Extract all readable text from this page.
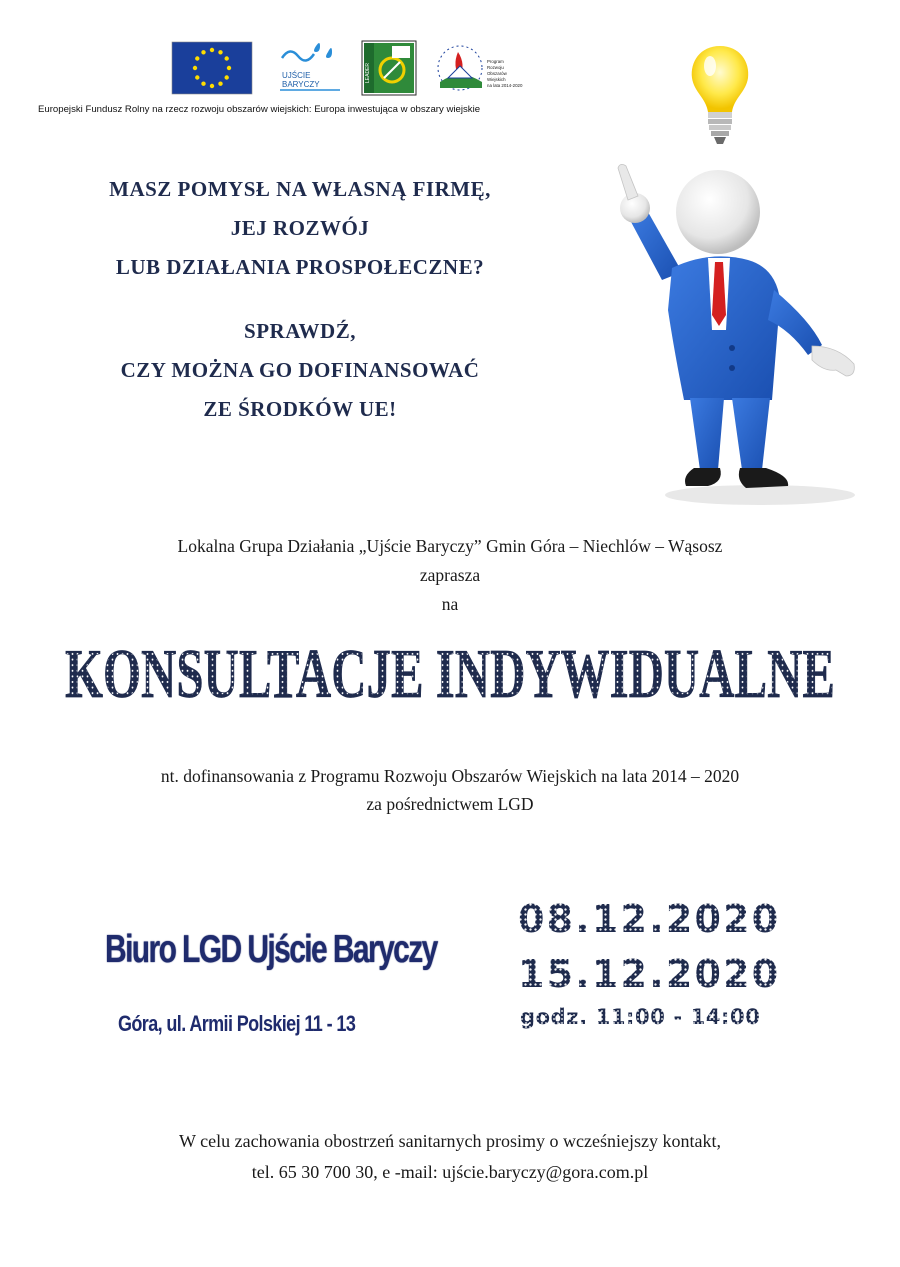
UJŚCIE
BARYCZY
LEADER
Program
Rozwoju
Obszarów
Wiejskich
na lata 2014-2020
Europejski Fundusz Rolny na rzecz rozwoju obszarów wiejskich: Europa inwestująca w obszary wiejskie
MASZ POMYSŁ NA WŁASNĄ FIRMĘ,
JEJ ROZWÓJ
LUB DZIAŁANIA PROSPOŁECZNE?
SPRAWDŹ,
CZY MOŻNA GO DOFINANSOWAĆ
ZE ŚRODKÓW UE!
Lokalna Grupa Działania „Ujście Baryczy” Gmin Góra – Niechlów – Wąsosz
zaprasza
na
KONSULTACJE INDYWIDUALNE
nt. dofinansowania z Programu Rozwoju Obszarów Wiejskich na lata 2014 – 2020
za pośrednictwem LGD
Biuro LGD Ujście Baryczy
Góra, ul. Armii Polskiej 11 - 13
08.12.2020
15.12.2020
godz. 11:00 - 14:00
W celu zachowania obostrzeń sanitarnych prosimy o wcześniejszy kontakt,
tel. 65 30 700 30, e -mail: ujście.baryczy@gora.com.pl
